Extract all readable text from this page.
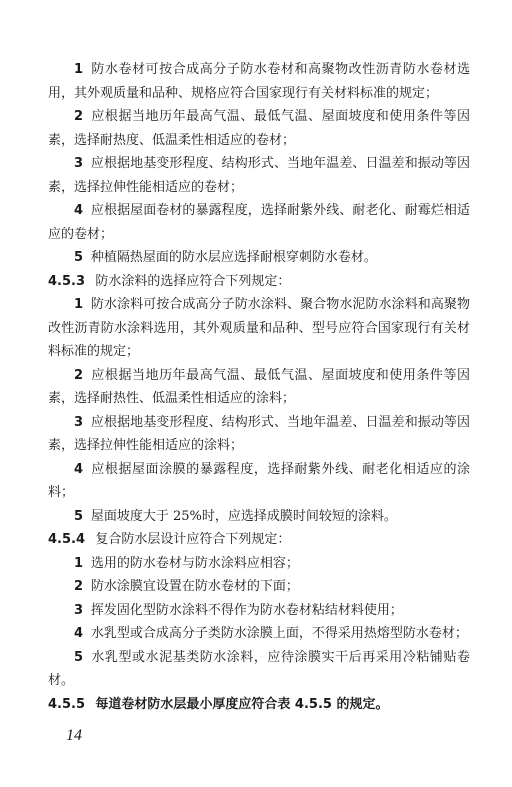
1 防水卷材可按合成高分子防水卷材和高聚物改性沥青防水卷材选用，其外观质量和品种、规格应符合国家现行有关材料标准的规定；

2 应根据当地历年最高气温、最低气温、屋面坡度和使用条件等因素，选择耐热度、低温柔性相适应的卷材；

3 应根据地基变形程度、结构形式、当地年温差、日温差和振动等因素，选择拉伸性能相适应的卷材；

4 应根据屋面卷材的暴露程度，选择耐紫外线、耐老化、耐霉烂相适应的卷材；

5 种植隔热屋面的防水层应选择耐根穿刺防水卷材。

4.5.3 防水涂料的选择应符合下列规定：

1 防水涂料可按合成高分子防水涂料、聚合物水泥防水涂料和高聚物改性沥青防水涂料选用，其外观质量和品种、型号应符合国家现行有关材料标准的规定；

2 应根据当地历年最高气温、最低气温、屋面坡度和使用条件等因素，选择耐热性、低温柔性相适应的涂料；

3 应根据地基变形程度、结构形式、当地年温差、日温差和振动等因素，选择拉伸性能相适应的涂料；

4 应根据屋面涂膜的暴露程度，选择耐紫外线、耐老化相适应的涂料；

5 屋面坡度大于 25%时，应选择成膜时间较短的涂料。

4.5.4 复合防水层设计应符合下列规定：

1 选用的防水卷材与防水涂料应相容；

2 防水涂膜宜设置在防水卷材的下面；

3 挥发固化型防水涂料不得作为防水卷材粘结材料使用；

4 水乳型或合成高分子类防水涂膜上面，不得采用热熔型防水卷材；

5 水乳型或水泥基类防水涂料，应待涂膜实干后再采用冷粘铺贴卷材。

4.5.5 每道卷材防水层最小厚度应符合表 4.5.5 的规定。

14
